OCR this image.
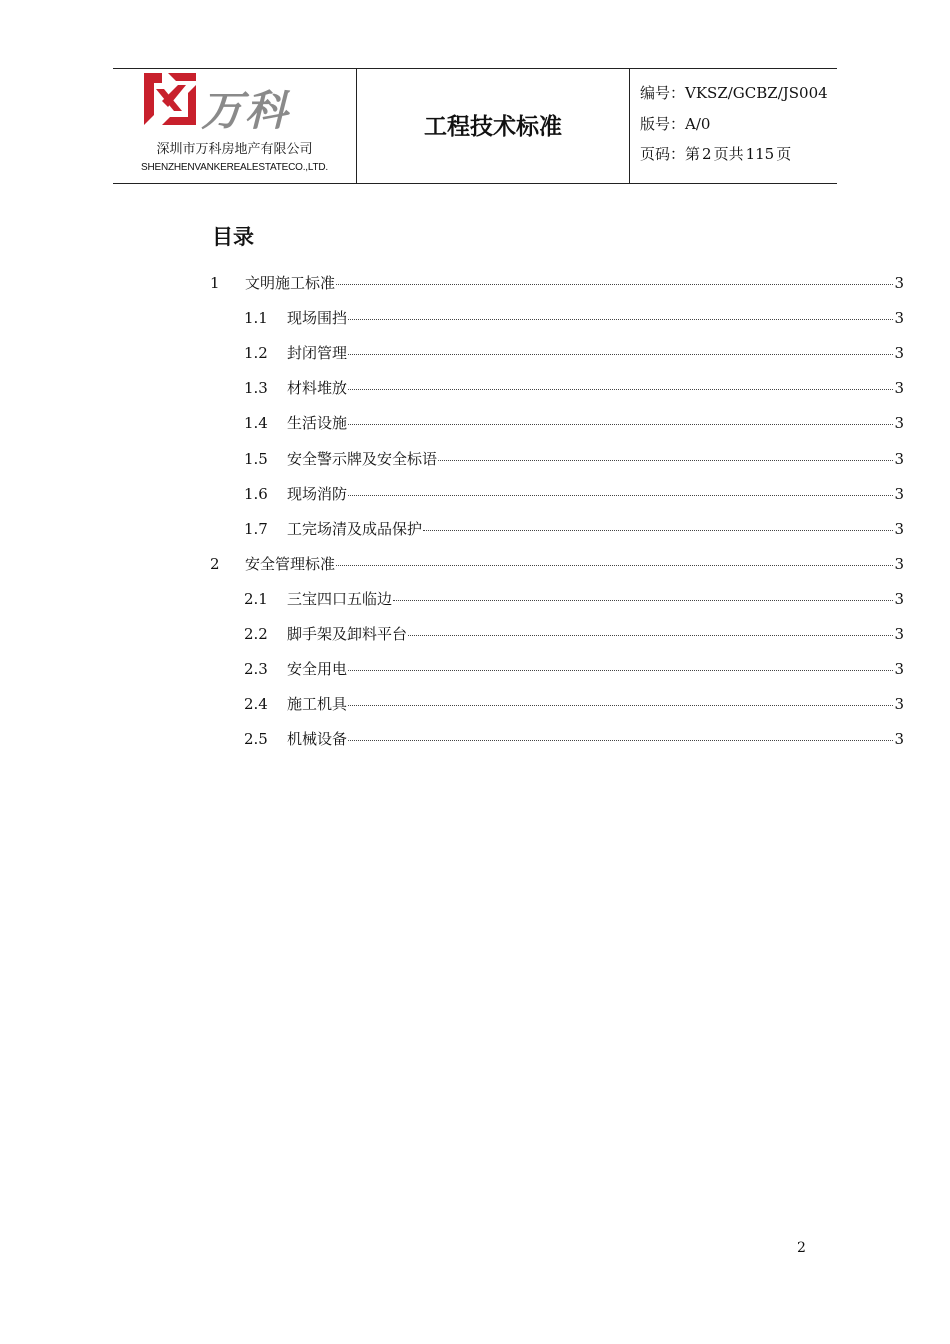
万科
深圳市万科房地产有限公司
SHENZHENVANKEREALESTATECO.,LTD.
工程技术标准
编号：VKSZ/GCBZ/JS004
版号：A/0
页码：第 2 页共 115 页
目录
1	文明施工标准	3
1.1	现场围挡	3
1.2	封闭管理	3
1.3	材料堆放	3
1.4	生活设施	3
1.5	安全警示牌及安全标语	3
1.6	现场消防	3
1.7	工完场清及成品保护	3
2	安全管理标准	3
2.1	三宝四口五临边	3
2.2	脚手架及卸料平台	3
2.3	安全用电	3
2.4	施工机具	3
2.5	机械设备	3
2
